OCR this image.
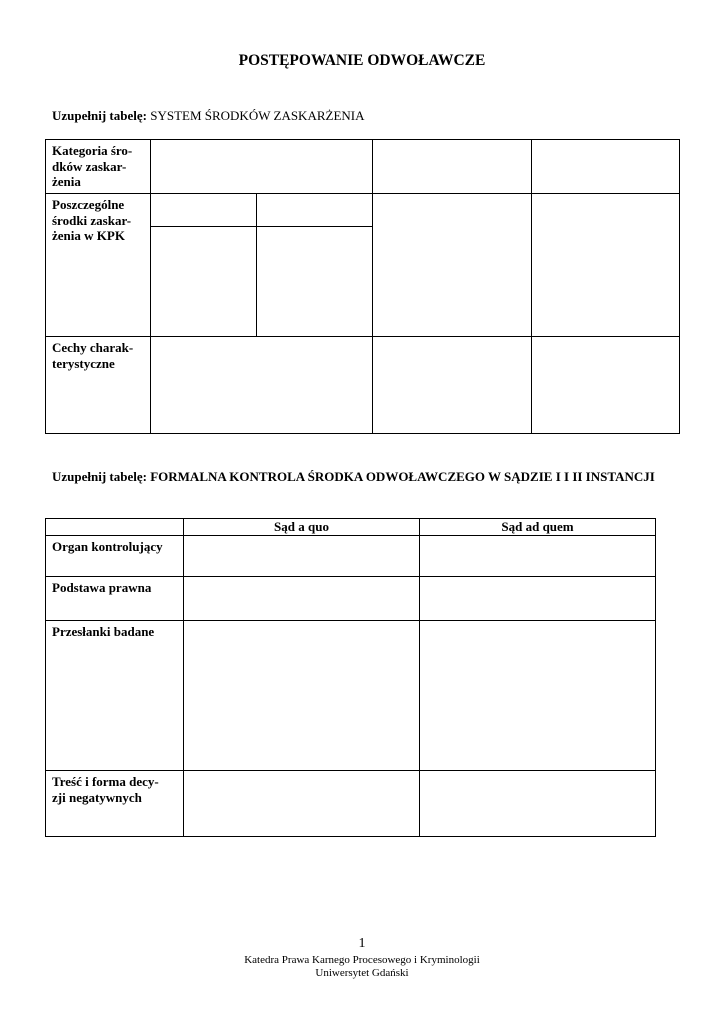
POSTĘPOWANIE ODWOŁAWCZE
Uzupełnij tabelę: SYSTEM ŚRODKÓW ZASKARŻENIA
Kategoria śro-
dków zaskar-
żenia				

Poszczególne
środki zaskar-
żenia w KPK				

Cechy charak-
terystyczne				

Uzupełnij tabelę: FORMALNA KONTROLA ŚRODKA ODWOŁAWCZEGO W SĄDZIE I I II INSTANCJI
	Sąd a quo	Sąd ad quem

Organ kontrolujący		

Podstawa prawna		

Przesłanki badane		

Treść i forma decy-
zji negatywnych		

1
Katedra Prawa Karnego Procesowego i Kryminologii
Uniwersytet Gdański
